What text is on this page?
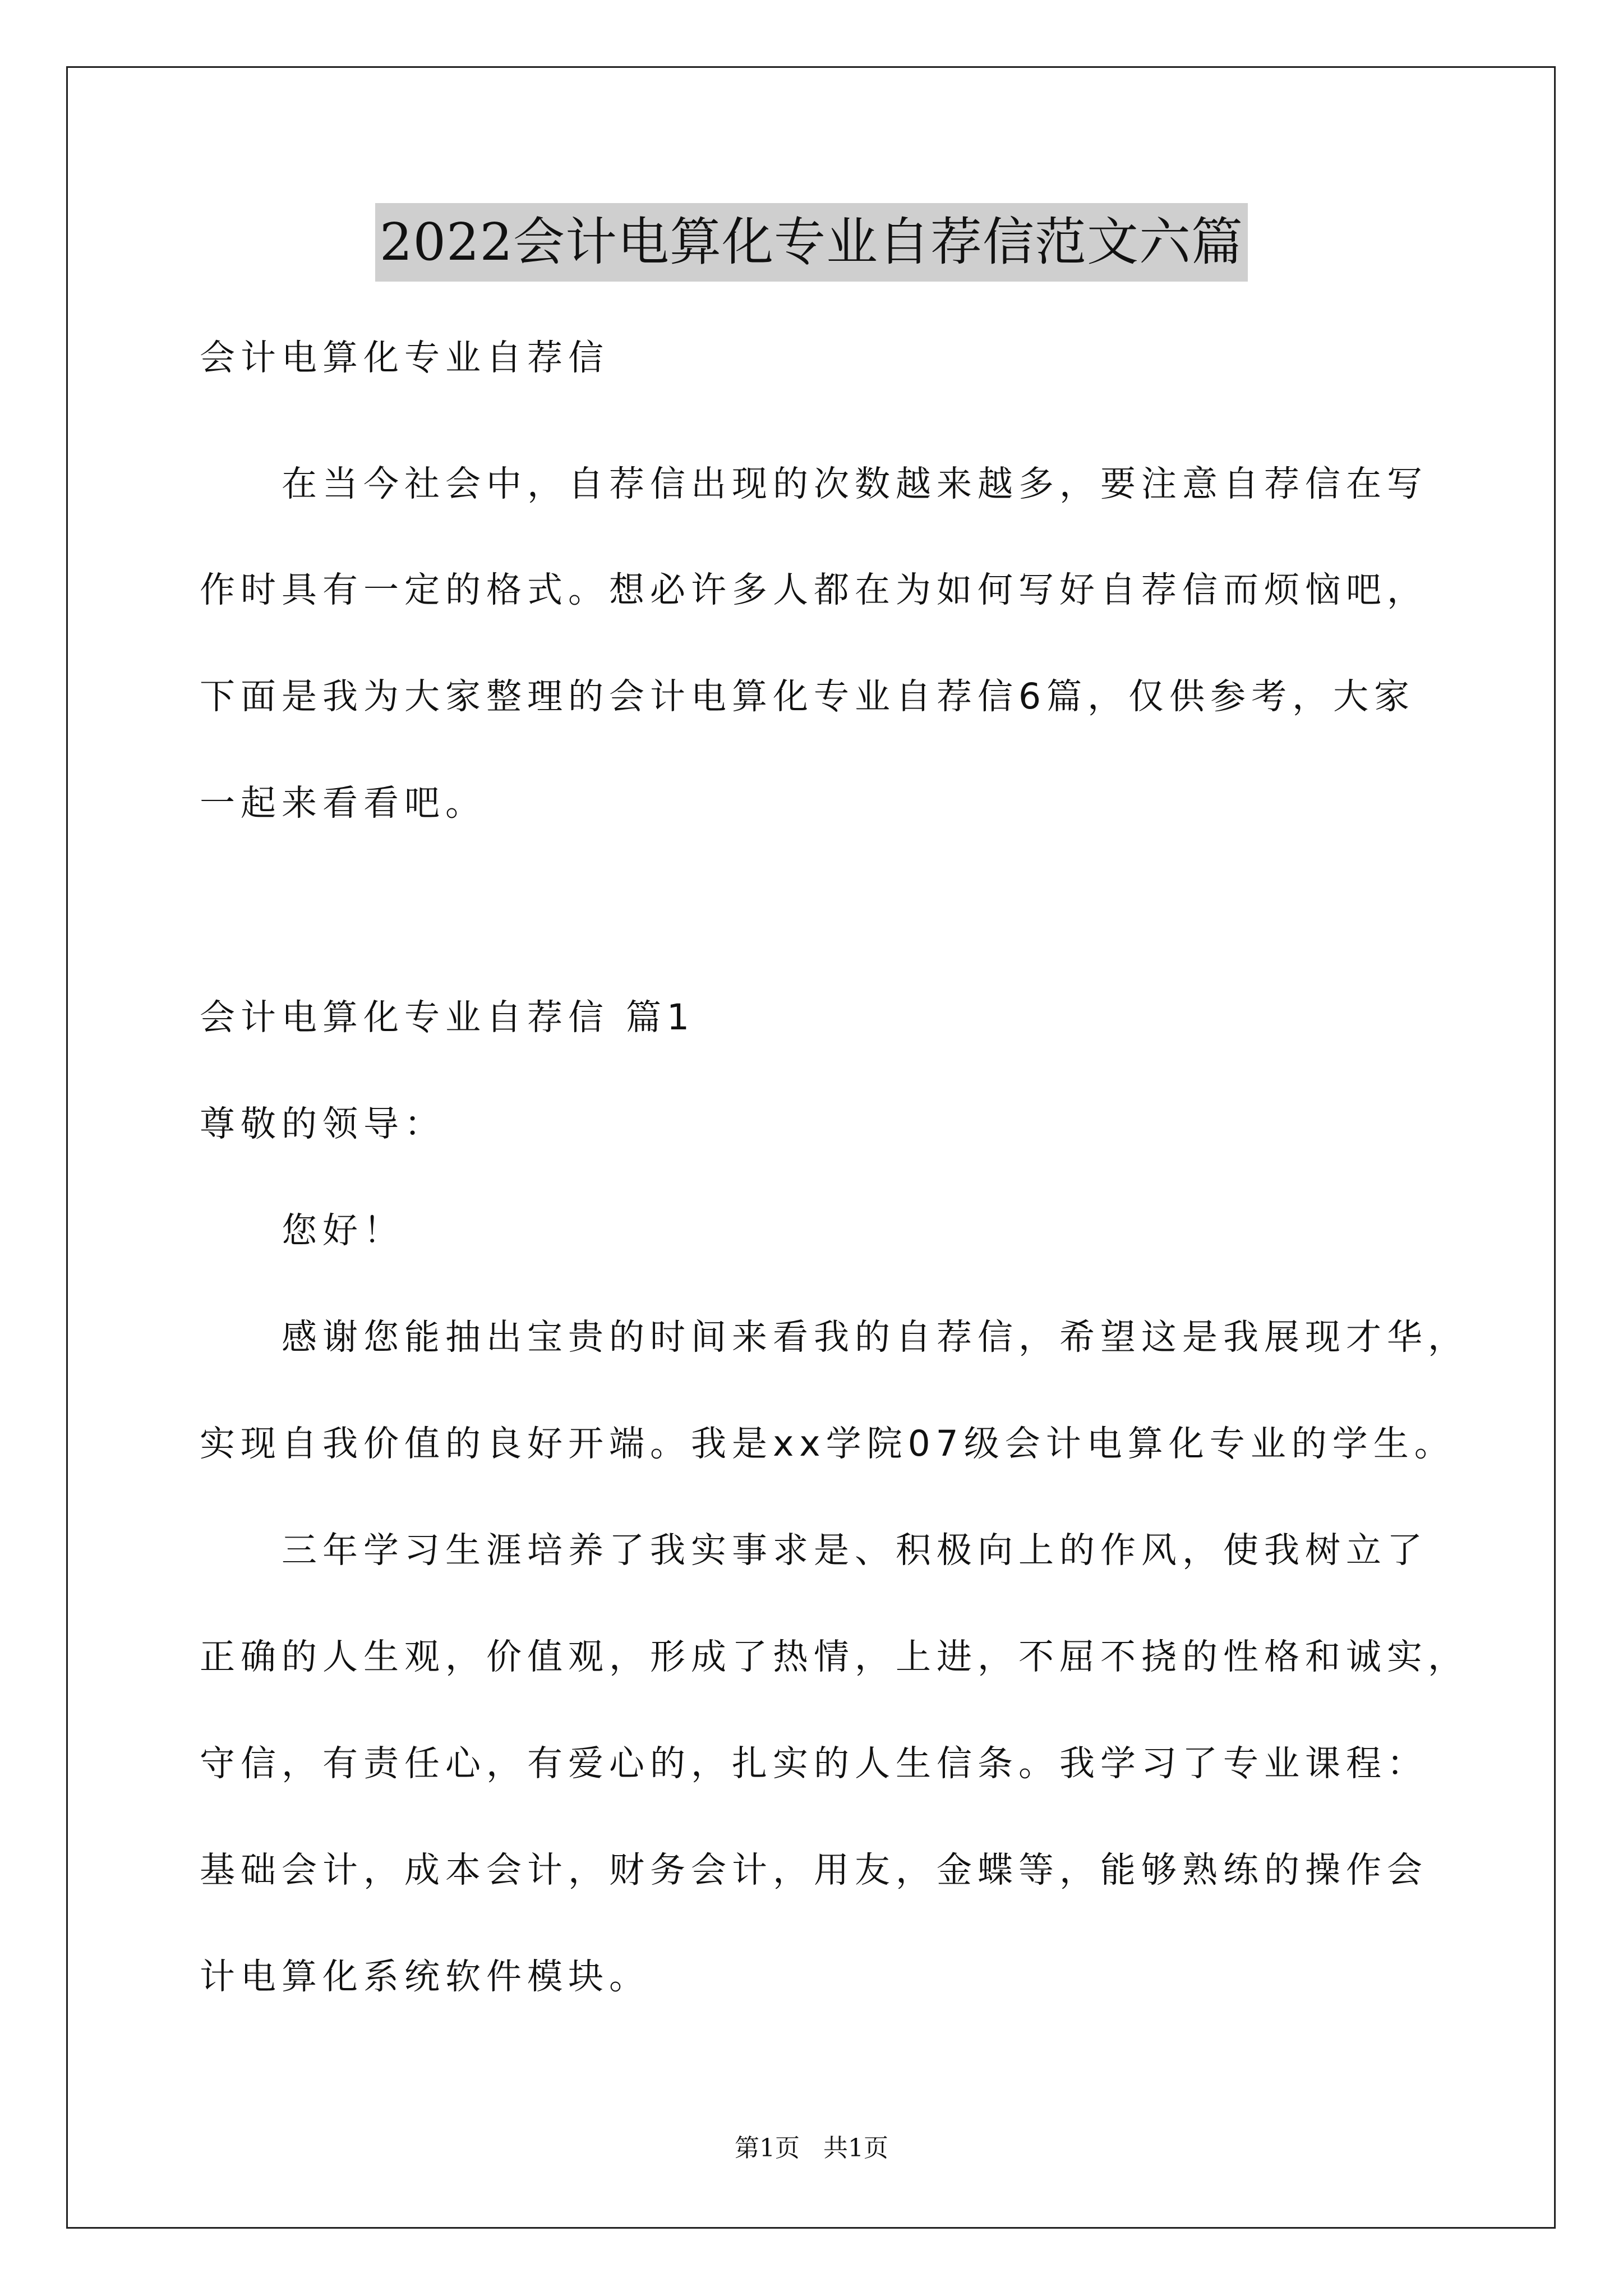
2022会计电算化专业自荐信范文六篇
会计电算化专业自荐信
在当今社会中，自荐信出现的次数越来越多，要注意自荐信在写
作时具有一定的格式。想必许多人都在为如何写好自荐信而烦恼吧，
下面是我为大家整理的会计电算化专业自荐信6篇，仅供参考，大家
一起来看看吧。
会计电算化专业自荐信 篇1
尊敬的领导：
您好！
感谢您能抽出宝贵的时间来看我的自荐信，希望这是我展现才华，
实现自我价值的良好开端。我是xx学院07级会计电算化专业的学生。
三年学习生涯培养了我实事求是、积极向上的作风，使我树立了
正确的人生观，价值观，形成了热情，上进，不屈不挠的性格和诚实，
守信，有责任心，有爱心的，扎实的人生信条。我学习了专业课程：
基础会计，成本会计，财务会计，用友，金蝶等，能够熟练的操作会
计电算化系统软件模块。
第1页 共1页
